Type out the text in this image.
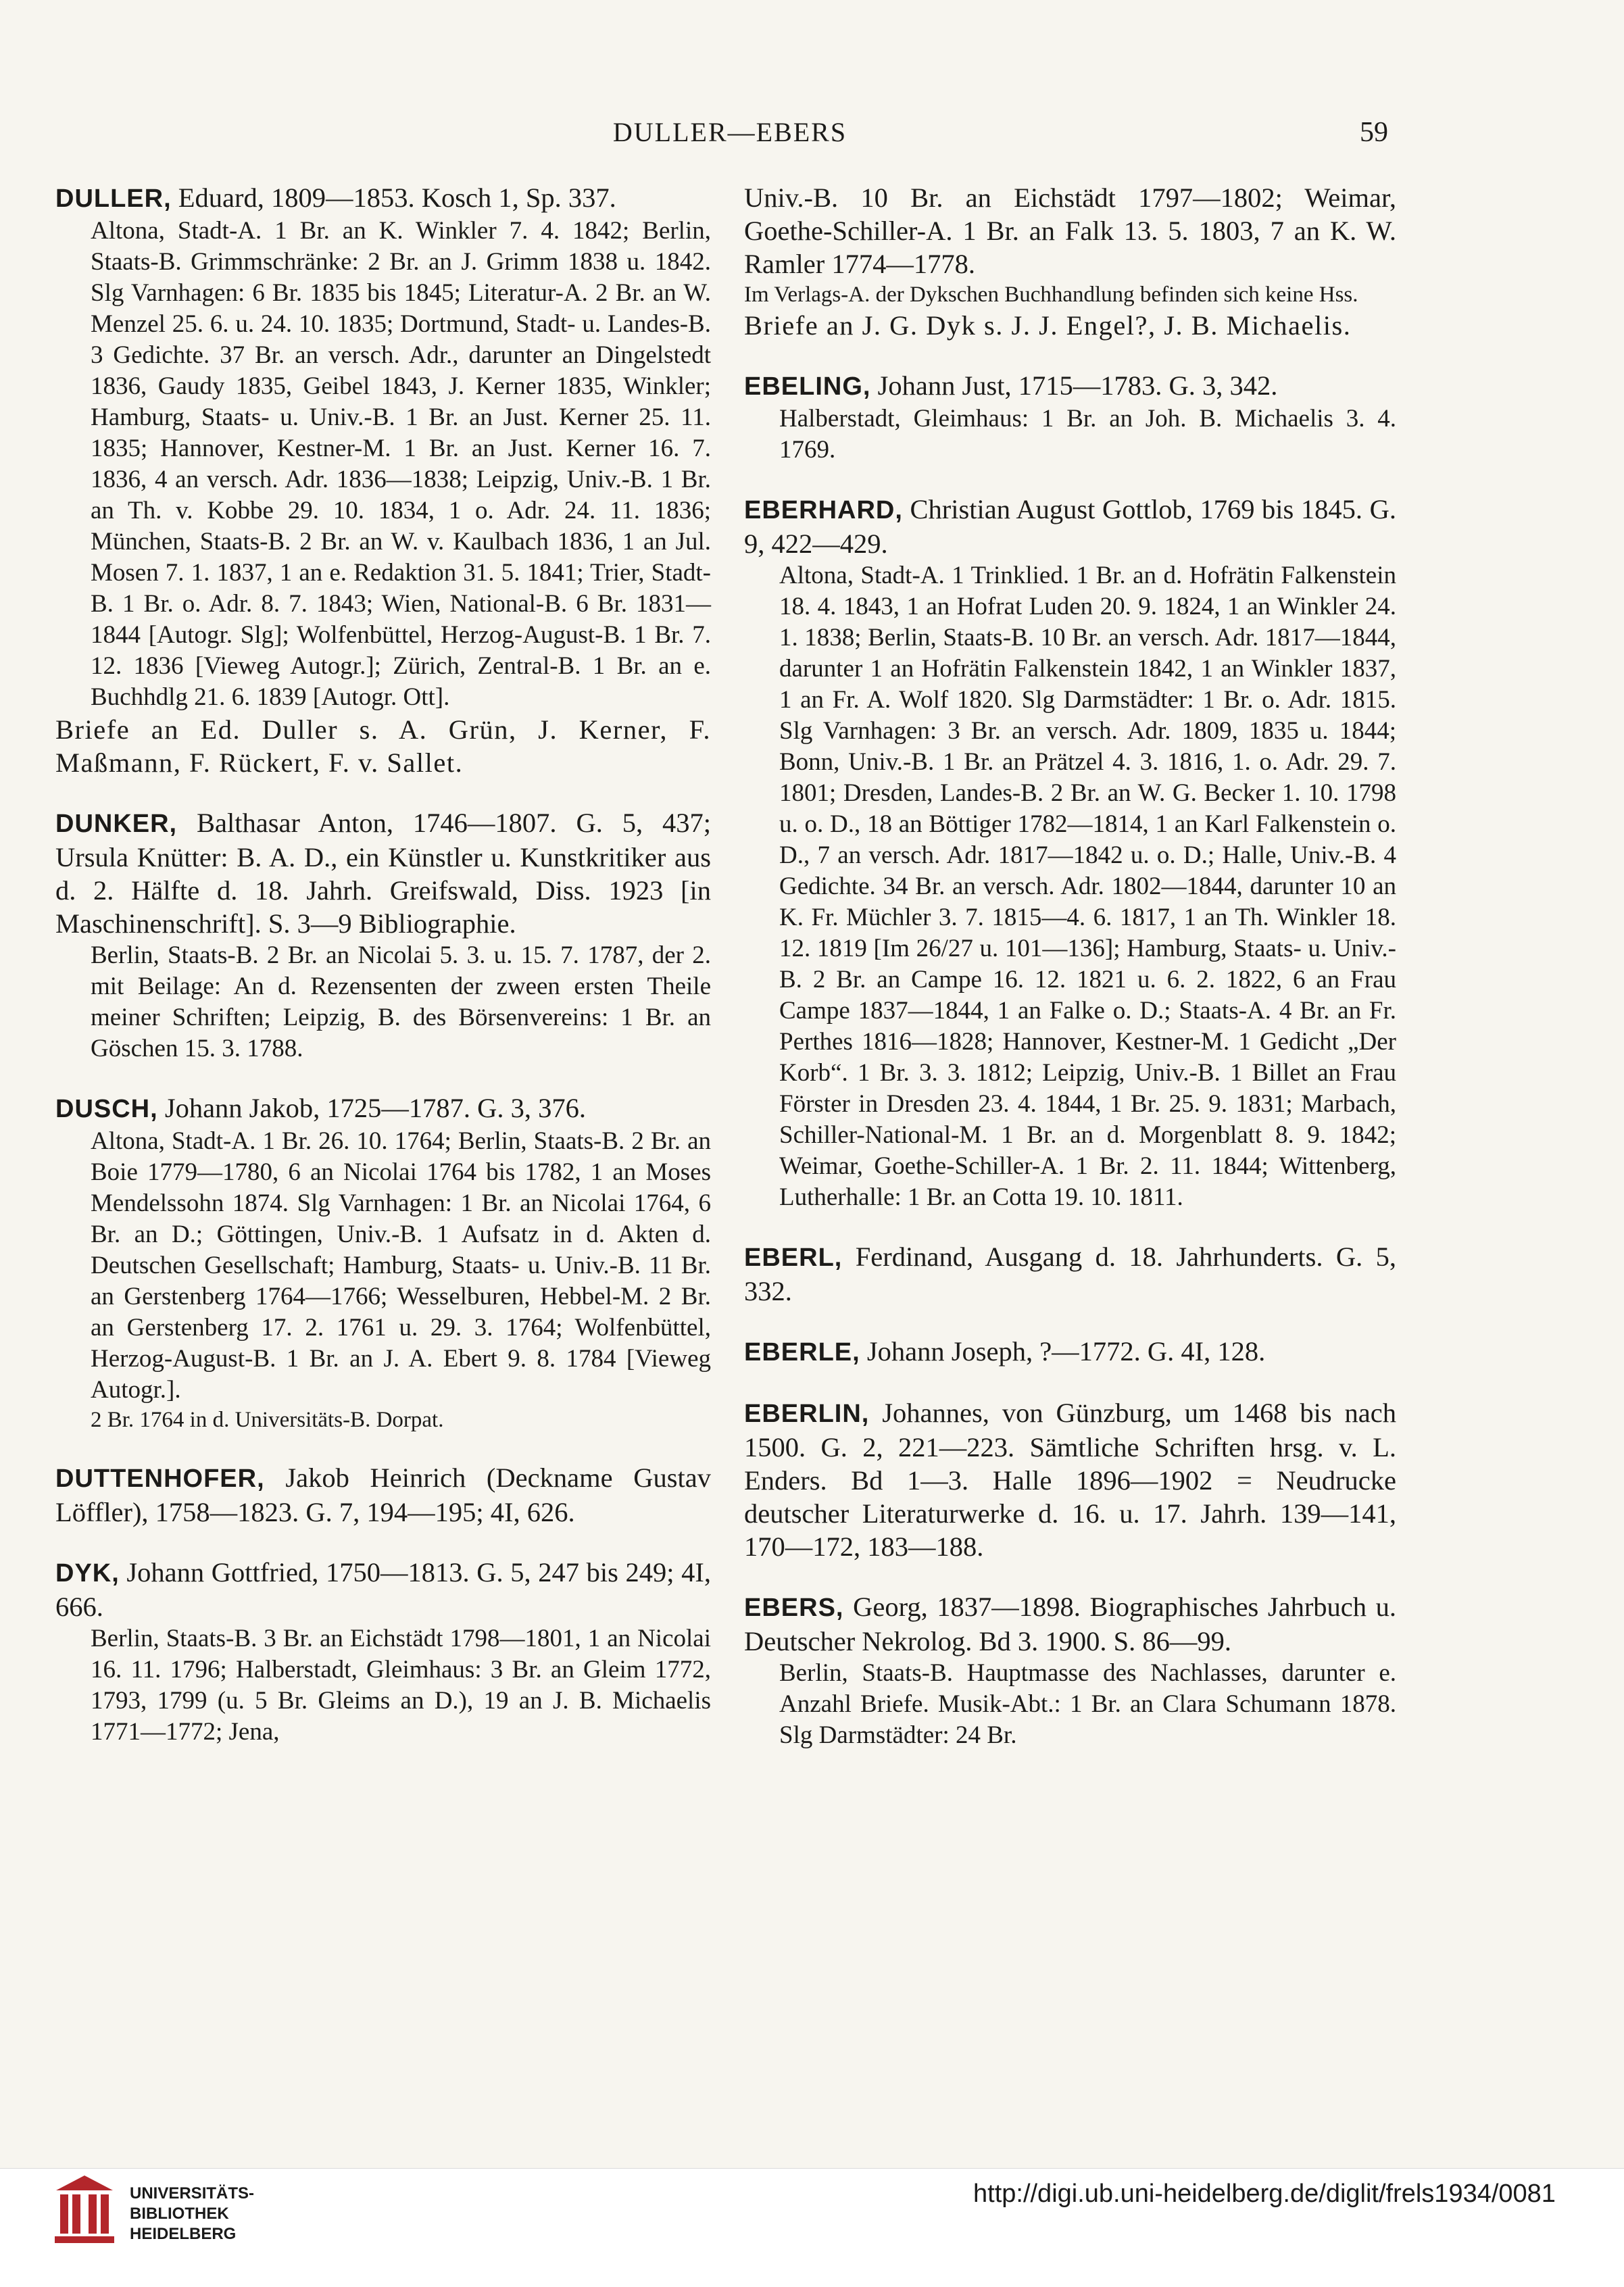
DULLER—EBERS	59

DULLER, Eduard, 1809—1853. Kosch 1, Sp. 337.

Altona, Stadt-A. 1 Br. an K. Winkler 7. 4. 1842; Berlin, Staats-B. Grimmschränke: 2 Br. an J. Grimm 1838 u. 1842. Slg Varnhagen: 6 Br. 1835 bis 1845; Literatur-A. 2 Br. an W. Menzel 25. 6. u. 24. 10. 1835; Dortmund, Stadt- u. Landes-B. 3 Gedichte. 37 Br. an versch. Adr., darunter an Dingelstedt 1836, Gaudy 1835, Geibel 1843, J. Kerner 1835, Winkler; Hamburg, Staats- u. Univ.-B. 1 Br. an Just. Kerner 25. 11. 1835; Hannover, Kestner-M. 1 Br. an Just. Kerner 16. 7. 1836, 4 an versch. Adr. 1836—1838; Leipzig, Univ.-B. 1 Br. an Th. v. Kobbe 29. 10. 1834, 1 o. Adr. 24. 11. 1836; München, Staats-B. 2 Br. an W. v. Kaulbach 1836, 1 an Jul. Mosen 7. 1. 1837, 1 an e. Redaktion 31. 5. 1841; Trier, Stadt-B. 1 Br. o. Adr. 8. 7. 1843; Wien, National-B. 6 Br. 1831—1844 [Autogr. Slg]; Wolfenbüttel, Herzog-August-B. 1 Br. 7. 12. 1836 [Vieweg Autogr.]; Zürich, Zentral-B. 1 Br. an e. Buchhdlg 21. 6. 1839 [Autogr. Ott].

Briefe an Ed. Duller s. A. Grün, J. Kerner, F. Maßmann, F. Rückert, F. v. Sallet.

DUNKER, Balthasar Anton, 1746—1807. G. 5, 437; Ursula Knütter: B. A. D., ein Künstler u. Kunstkritiker aus d. 2. Hälfte d. 18. Jahrh. Greifswald, Diss. 1923 [in Maschinenschrift]. S. 3—9 Bibliographie.

Berlin, Staats-B. 2 Br. an Nicolai 5. 3. u. 15. 7. 1787, der 2. mit Beilage: An d. Rezensenten der zween ersten Theile meiner Schriften; Leipzig, B. des Börsenvereins: 1 Br. an Göschen 15. 3. 1788.

DUSCH, Johann Jakob, 1725—1787. G. 3, 376.

Altona, Stadt-A. 1 Br. 26. 10. 1764; Berlin, Staats-B. 2 Br. an Boie 1779—1780, 6 an Nicolai 1764 bis 1782, 1 an Moses Mendelssohn 1874. Slg Varnhagen: 1 Br. an Nicolai 1764, 6 Br. an D.; Göttingen, Univ.-B. 1 Aufsatz in d. Akten d. Deutschen Gesellschaft; Hamburg, Staats- u. Univ.-B. 11 Br. an Gerstenberg 1764—1766; Wesselburen, Hebbel-M. 2 Br. an Gerstenberg 17. 2. 1761 u. 29. 3. 1764; Wolfenbüttel, Herzog-August-B. 1 Br. an J. A. Ebert 9. 8. 1784 [Vieweg Autogr.].

2 Br. 1764 in d. Universitäts-B. Dorpat.

DUTTENHOFER, Jakob Heinrich (Deckname Gustav Löffler), 1758—1823. G. 7, 194—195; 4I, 626.

DYK, Johann Gottfried, 1750—1813. G. 5, 247 bis 249; 4I, 666.

Berlin, Staats-B. 3 Br. an Eichstädt 1798—1801, 1 an Nicolai 16. 11. 1796; Halberstadt, Gleimhaus: 3 Br. an Gleim 1772, 1793, 1799 (u. 5 Br. Gleims an D.), 19 an J. B. Michaelis 1771—1772; Jena,

Univ.-B. 10 Br. an Eichstädt 1797—1802; Weimar, Goethe-Schiller-A. 1 Br. an Falk 13. 5. 1803, 7 an K. W. Ramler 1774—1778.

Im Verlags-A. der Dykschen Buchhandlung befinden sich keine Hss.

Briefe an J. G. Dyk s. J. J. Engel?, J. B. Michaelis.

EBELING, Johann Just, 1715—1783. G. 3, 342.

Halberstadt, Gleimhaus: 1 Br. an Joh. B. Michaelis 3. 4. 1769.

EBERHARD, Christian August Gottlob, 1769 bis 1845. G. 9, 422—429.

Altona, Stadt-A. 1 Trinklied. 1 Br. an d. Hofrätin Falkenstein 18. 4. 1843, 1 an Hofrat Luden 20. 9. 1824, 1 an Winkler 24. 1. 1838; Berlin, Staats-B. 10 Br. an versch. Adr. 1817—1844, darunter 1 an Hofrätin Falkenstein 1842, 1 an Winkler 1837, 1 an Fr. A. Wolf 1820. Slg Darmstädter: 1 Br. o. Adr. 1815. Slg Varnhagen: 3 Br. an versch. Adr. 1809, 1835 u. 1844; Bonn, Univ.-B. 1 Br. an Prätzel 4. 3. 1816, 1. o. Adr. 29. 7. 1801; Dresden, Landes-B. 2 Br. an W. G. Becker 1. 10. 1798 u. o. D., 18 an Böttiger 1782—1814, 1 an Karl Falkenstein o. D., 7 an versch. Adr. 1817—1842 u. o. D.; Halle, Univ.-B. 4 Gedichte. 34 Br. an versch. Adr. 1802—1844, darunter 10 an K. Fr. Müchler 3. 7. 1815—4. 6. 1817, 1 an Th. Winkler 18. 12. 1819 [Im 26/27 u. 101—136]; Hamburg, Staats- u. Univ.-B. 2 Br. an Campe 16. 12. 1821 u. 6. 2. 1822, 6 an Frau Campe 1837—1844, 1 an Falke o. D.; Staats-A. 4 Br. an Fr. Perthes 1816—1828; Hannover, Kestner-M. 1 Gedicht „Der Korb“. 1 Br. 3. 3. 1812; Leipzig, Univ.-B. 1 Billet an Frau Förster in Dresden 23. 4. 1844, 1 Br. 25. 9. 1831; Marbach, Schiller-National-M. 1 Br. an d. Morgenblatt 8. 9. 1842; Weimar, Goethe-Schiller-A. 1 Br. 2. 11. 1844; Wittenberg, Lutherhalle: 1 Br. an Cotta 19. 10. 1811.

EBERL, Ferdinand, Ausgang d. 18. Jahrhunderts. G. 5, 332.

EBERLE, Johann Joseph, ?—1772. G. 4I, 128.

EBERLIN, Johannes, von Günzburg, um 1468 bis nach 1500. G. 2, 221—223. Sämtliche Schriften hrsg. v. L. Enders. Bd 1—3. Halle 1896—1902 = Neudrucke deutscher Literaturwerke d. 16. u. 17. Jahrh. 139—141, 170—172, 183—188.

EBERS, Georg, 1837—1898. Biographisches Jahrbuch u. Deutscher Nekrolog. Bd 3. 1900. S. 86—99.

Berlin, Staats-B. Hauptmasse des Nachlasses, darunter e. Anzahl Briefe. Musik-Abt.: 1 Br. an Clara Schumann 1878. Slg Darmstädter: 24 Br.

UNIVERSITÄTS-
BIBLIOTHEK
HEIDELBERG
http://digi.ub.uni-heidelberg.de/diglit/frels1934/0081
